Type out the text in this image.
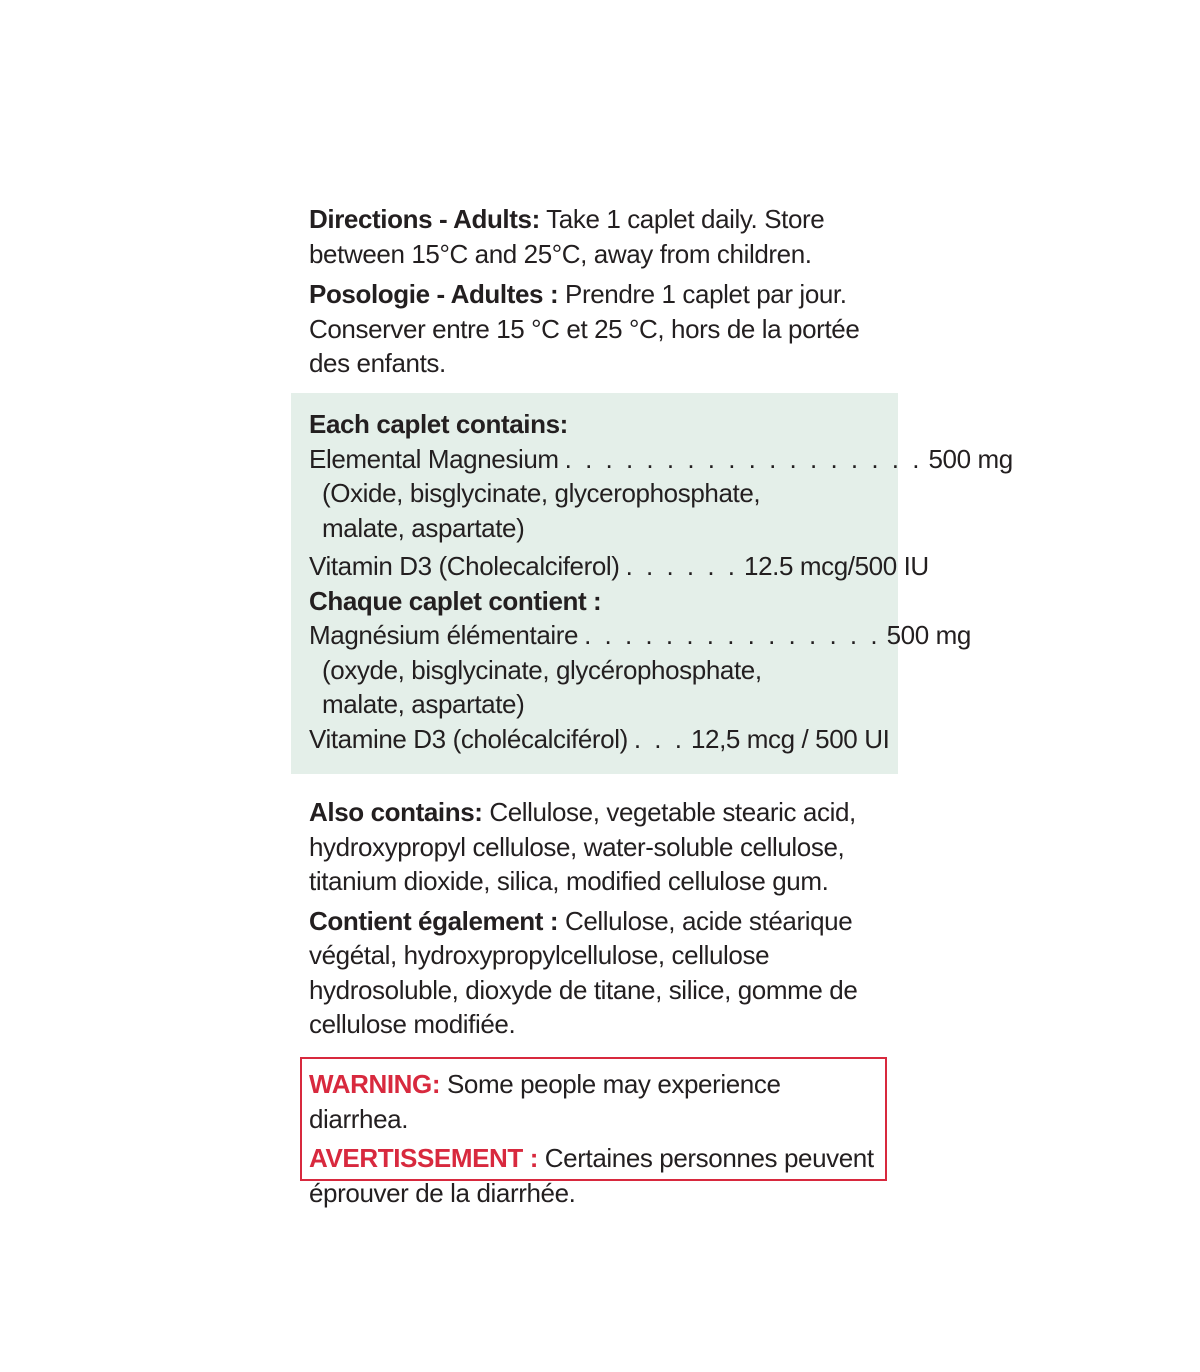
Directions - Adults: Take 1 caplet daily. Store between 15°C and 25°C, away from children.

Posologie - Adultes : Prendre 1 caplet par jour. Conserver entre 15 °C et 25 °C, hors de la portée des enfants.

Each caplet contains:

Elemental Magnesium . . . . . . . . . . . . . . . . . . 500 mg

(Oxide, bisglycinate, glycerophosphate,

malate, aspartate)

Vitamin D3 (Cholecalciferol) . . . . . . 12.5 mcg/500 IU

Chaque caplet contient :

Magnésium élémentaire . . . . . . . . . . . . . . . 500 mg

(oxyde, bisglycinate, glycérophosphate,

malate, aspartate)

Vitamine D3 (cholécalciférol) . . . 12,5 mcg / 500 UI

Also contains: Cellulose, vegetable stearic acid, hydroxypropyl cellulose, water-soluble cellulose, titanium dioxide, silica, modified cellulose gum.

Contient également : Cellulose, acide stéarique végétal, hydroxypropylcellulose, cellulose hydrosoluble, dioxyde de titane, silice, gomme de cellulose modifiée.

WARNING: Some people may experience diarrhea.

AVERTISSEMENT : Certaines personnes peuvent éprouver de la diarrhée.
